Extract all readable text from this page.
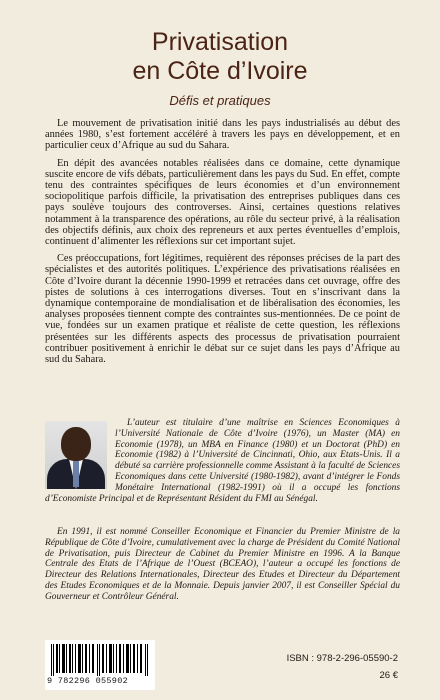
Privatisation
en Côte d’Ivoire
Défis et pratiques

Le mouvement de privatisation initié dans les pays industrialisés au début des années 1980, s’est fortement accéléré à travers les pays en développement, et en particulier ceux d’Afrique au sud du Sahara.

En dépit des avancées notables réalisées dans ce domaine, cette dynamique suscite encore de vifs débats, particulièrement dans les pays du Sud. En effet, compte tenu des contraintes spécifiques de leurs économies et d’un environnement sociopolitique parfois difficile, la privatisation des entreprises publiques dans ces pays soulève toujours des controverses. Ainsi, certaines questions relatives notamment à la transparence des opérations, au rôle du secteur privé, à la réalisation des objectifs définis, aux choix des repreneurs et aux pertes éventuelles d’emplois, continuent d’alimenter les réflexions sur cet important sujet.

Ces préoccupations, fort légitimes, requièrent des réponses précises de la part des spécialistes et des autorités politiques. L’expérience des privatisations réalisées en Côte d’Ivoire durant la décennie 1990-1999 et retracées dans cet ouvrage, offre des pistes de solutions à ces interrogations diverses. Tout en s’inscrivant dans la dynamique contemporaine de mondialisation et de libéralisation des économies, les analyses proposées tiennent compte des contraintes sus-mentionnées. De ce point de vue, fondées sur un examen pratique et réaliste de cette question, les réflexions présentées sur les différents aspects des processus de privatisation pourraient contribuer positivement à enrichir le débat sur ce sujet dans les pays d’Afrique au sud du Sahara.

L’auteur est titulaire d’une maîtrise en Sciences Economiques à l’Université Nationale de Côte d’Ivoire (1976), un Master (MA) en Economie (1978), un MBA en Finance (1980) et un Doctorat (PhD) en Economie (1982) à l’Université de Cincinnati, Ohio, aux Etats-Unis. Il a débuté sa carrière professionnelle comme Assistant à la faculté de Sciences Economiques dans cette Université (1980-1982), avant d’intégrer le Fonds Monétaire International (1982-1991) où il a occupé les fonctions d’Economiste Principal et de Représentant Résident du FMI au Sénégal.

En 1991, il est nommé Conseiller Economique et Financier du Premier Ministre de la République de Côte d’Ivoire, cumulativement avec la charge de Président du Comité National de Privatisation, puis Directeur de Cabinet du Premier Ministre en 1996. A la Banque Centrale des Etats de l’Afrique de l’Ouest (BCEAO), l’auteur a occupé les fonctions de Directeur des Relations Internationales, Directeur des Etudes et Directeur du Département des Etudes Economiques et de la Monnaie. Depuis janvier 2007, il est Conseiller Spécial du Gouverneur et Contrôleur Général.

9 782296 055902
ISBN : 978-2-296-05590-2
26 €
